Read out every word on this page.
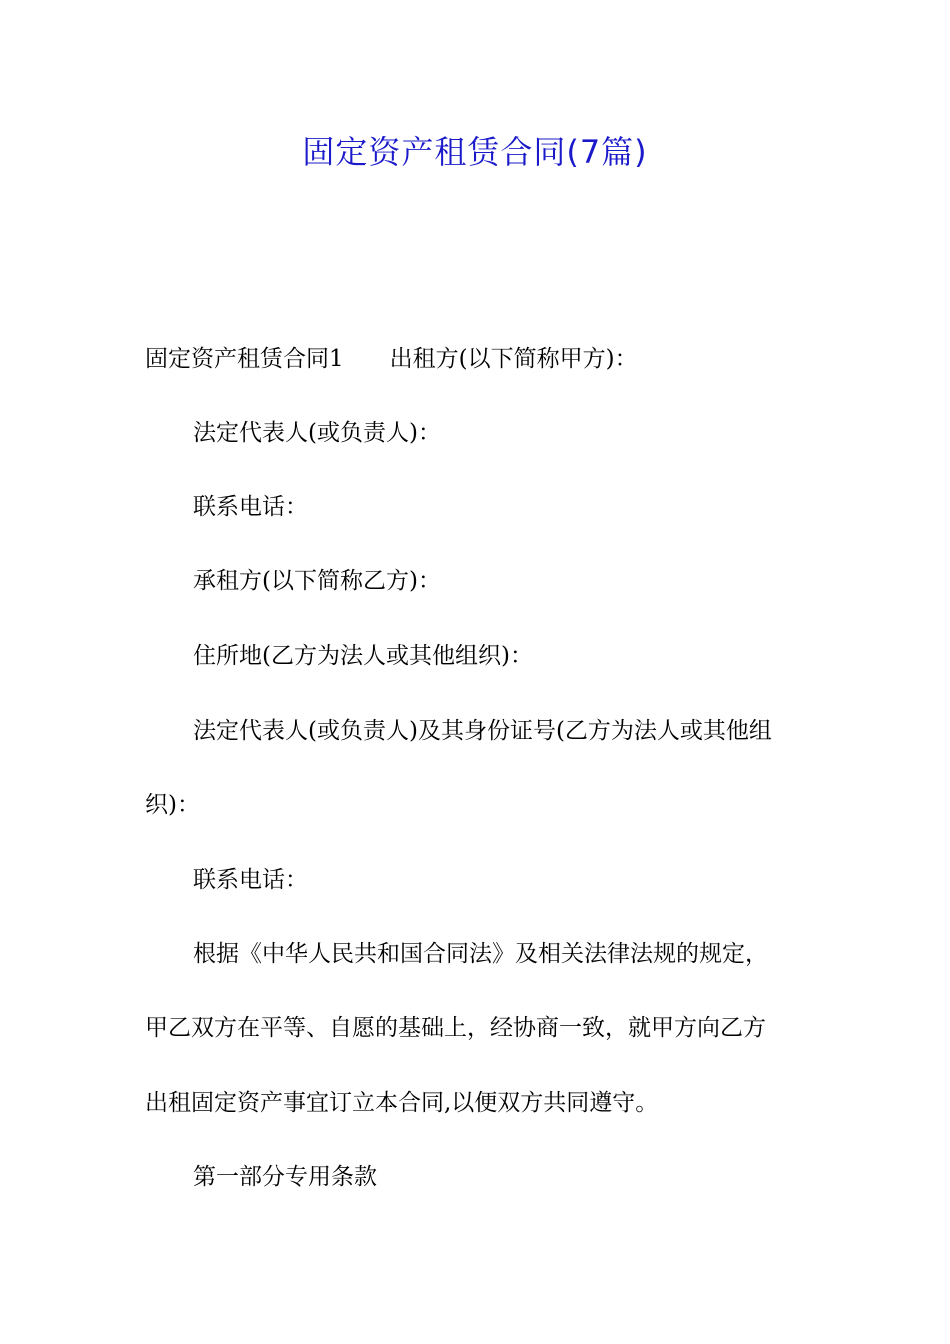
固定资产租赁合同(7篇)
固定资产租赁合同1 出租方(以下简称甲方)：
法定代表人(或负责人)：
联系电话：
承租方(以下简称乙方)：
住所地(乙方为法人或其他组织)：
法定代表人(或负责人)及其身份证号(乙方为法人或其他组
织)：
联系电话：
根据《中华人民共和国合同法》及相关法律法规的规定，
甲乙双方在平等、自愿的基础上，经协商一致，就甲方向乙方
出租固定资产事宜订立本合同,以便双方共同遵守。
第一部分专用条款
